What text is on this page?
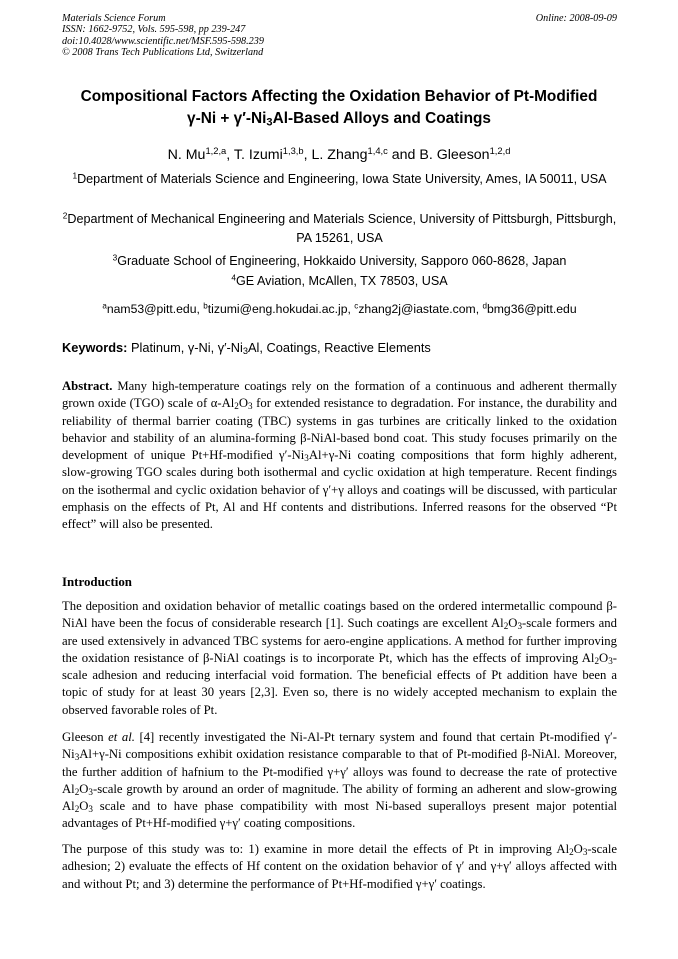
Materials Science Forum
ISSN: 1662-9752, Vols. 595-598, pp 239-247
doi:10.4028/www.scientific.net/MSF.595-598.239
© 2008 Trans Tech Publications Ltd, Switzerland
Online: 2008-09-09
Compositional Factors Affecting the Oxidation Behavior of Pt-Modified
$\gamma-Ni + \gamma'-Ni_3Al$-Based Alloys and Coatings
N. Mu$^{1,2,a}$, T. Izumi$^{1,3,b}$, L. Zhang$^{1,4,c}$ and B. Gleeson$^{1,2,d}$
$^1$Department of Materials Science and Engineering, Iowa State University, Ames, IA 50011, USA
$^2$Department of Mechanical Engineering and Materials Science, University of Pittsburgh, Pittsburgh, PA 15261, USA
$^3$Graduate School of Engineering, Hokkaido University, Sapporo 060-8628, Japan
$^4$GE Aviation, McAllen, TX 78503, USA
$^a$nam53@pitt.edu, $^b$tizumi@eng.hokudai.ac.jp, $^c$zhang2j@iastate.com, $^d$bmg36@pitt.edu
Keywords: Platinum, γ-Ni, $\gamma'-Ni_3Al$, Coatings, Reactive Elements
Abstract. Many high-temperature coatings rely on the formation of a continuous and adherent thermally grown oxide (TGO) scale of $\alpha-Al_2O_3$ for extended resistance to degradation. For instance, the durability and reliability of thermal barrier coating (TBC) systems in gas turbines are critically linked to the oxidation behavior and stability of an alumina-forming β-NiAl-based bond coat. This study focuses primarily on the development of unique Pt+Hf-modified $\gamma'-Ni_3Al+\gamma-Ni$ coating compositions that form highly adherent, slow-growing TGO scales during both isothermal and cyclic oxidation at high temperature. Recent findings on the isothermal and cyclic oxidation behavior of γ′+γ alloys and coatings will be discussed, with particular emphasis on the effects of Pt, Al and Hf contents and distributions. Inferred reasons for the observed “Pt effect” will also be presented.
Introduction
The deposition and oxidation behavior of metallic coatings based on the ordered intermetallic compound β-NiAl have been the focus of considerable research [1]. Such coatings are excellent $Al_2O_3$-scale formers and are used extensively in advanced TBC systems for aero-engine applications. A method for further improving the oxidation resistance of β-NiAl coatings is to incorporate Pt, which has the effects of improving $Al_2O_3$-scale adhesion and reducing interfacial void formation. The beneficial effects of Pt addition have been a topic of study for at least 30 years [2,3]. Even so, there is no widely accepted mechanism to explain the observed favorable roles of Pt.
Gleeson et al. [4] recently investigated the Ni-Al-Pt ternary system and found that certain Pt-modified $\gamma'-Ni_3Al+\gamma-Ni$ compositions exhibit oxidation resistance comparable to that of Pt-modified β-NiAl. Moreover, the further addition of hafnium to the Pt-modified γ+γ′ alloys was found to decrease the rate of protective $Al_2O_3$-scale growth by around an order of magnitude. The ability of forming an adherent and slow-growing $Al_2O_3$ scale and to have phase compatibility with most Ni-based superalloys present major potential advantages of Pt+Hf-modified γ+γ′ coating compositions.
The purpose of this study was to: 1) examine in more detail the effects of Pt in improving $Al_2O_3$-scale adhesion; 2) evaluate the effects of Hf content on the oxidation behavior of γ′ and γ+γ′ alloys affected with and without Pt; and 3) determine the performance of Pt+Hf-modified γ+γ′ coatings.
